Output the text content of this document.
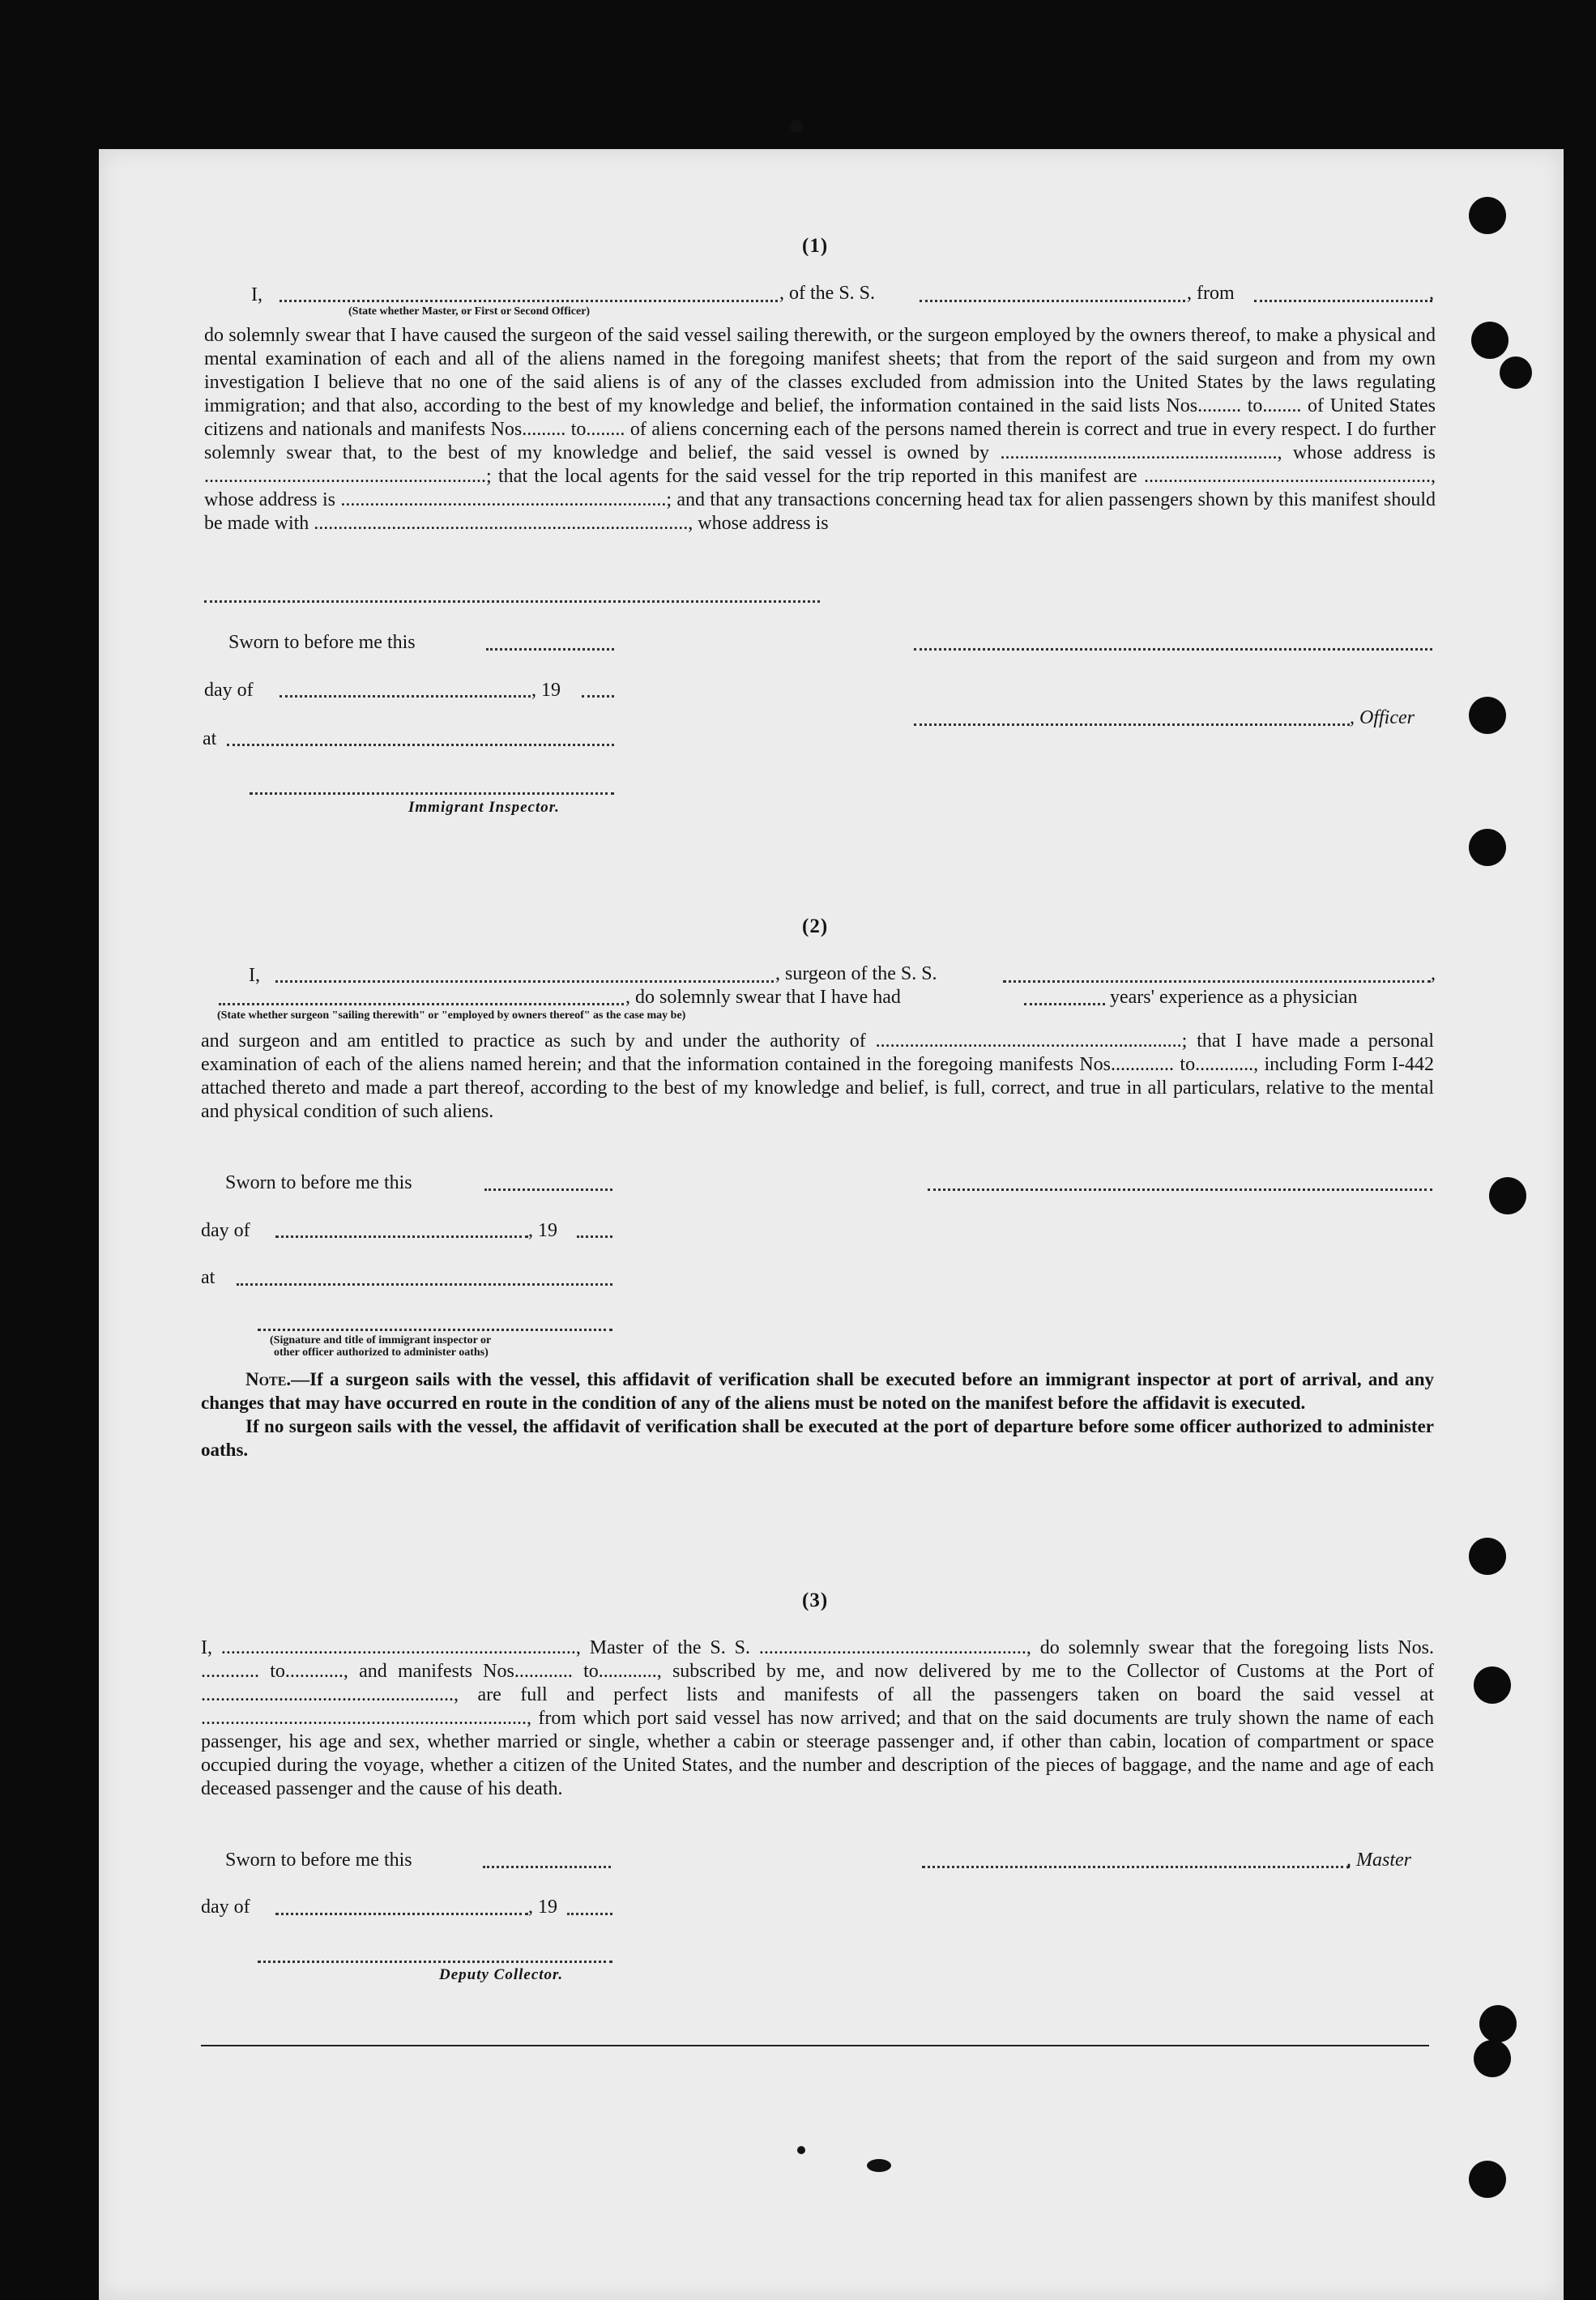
(1)
I,	, of the S. S.	, from	,
(State whether Master, or First or Second Officer)

do solemnly swear that I have caused the surgeon of the said vessel sailing therewith, or the surgeon employed by the owners thereof, to make a physical and mental examination of each and all of the aliens named in the foregoing manifest sheets; that from the report of the said surgeon and from my own investigation I believe that no one of the said aliens is of any of the classes excluded from admission into the United States by the laws regulating immigration; and that also, according to the best of my knowledge and belief, the information contained in the said lists Nos......... to........ of United States citizens and nationals and manifests Nos......... to........ of aliens concerning each of the persons named therein is correct and true in every respect. I do further solemnly swear that, to the best of my knowledge and belief, the said vessel is owned by ........................................................., whose address is ..........................................................; that the local agents for the said vessel for the trip reported in this manifest are ..........................................................., whose address is ...................................................................; and that any transactions concerning head tax for alien passengers shown by this manifest should be made with ............................................................................., whose address is

Sworn to before me this
day of	, 19
at
, Officer
Immigrant Inspector.
(2)
I,	, surgeon of the S. S.	,
, do solemnly swear that I have had	years' experience as a physician
(State whether surgeon "sailing therewith" or "employed by owners thereof" as the case may be)

and surgeon and am entitled to practice as such by and under the authority of ...............................................................; that I have made a personal examination of each of the aliens named herein; and that the information contained in the foregoing manifests Nos............. to............, including Form I-442 attached thereto and made a part thereof, according to the best of my knowledge and belief, is full, correct, and true in all particulars, relative to the mental and physical condition of such aliens.

Sworn to before me this
day of	, 19
at
(Signature and title of immigrant inspector or
other officer authorized to administer oaths)

Note.—If a surgeon sails with the vessel, this affidavit of verification shall be executed before an immigrant inspector at port of arrival, and any changes that may have occurred en route in the condition of any of the aliens must be noted on the manifest before the affidavit is executed.

If no surgeon sails with the vessel, the affidavit of verification shall be executed at the port of departure before some officer authorized to administer oaths.

(3)

I, ........................................................................., Master of the S. S. ......................................................., do solemnly swear that the foregoing lists Nos. ............ to............, and manifests Nos............ to............, subscribed by me, and now delivered by me to the Collector of Customs at the Port of ...................................................., are full and perfect lists and manifests of all the passengers taken on board the said vessel at ..................................................................., from which port said vessel has now arrived; and that on the said documents are truly shown the name of each passenger, his age and sex, whether married or single, whether a cabin or steerage passenger and, if other than cabin, location of compartment or space occupied during the voyage, whether a citizen of the United States, and the number and description of the pieces of baggage, and the name and age of each deceased passenger and the cause of his death.

Sworn to before me this	, Master
day of	, 19
Deputy Collector.
